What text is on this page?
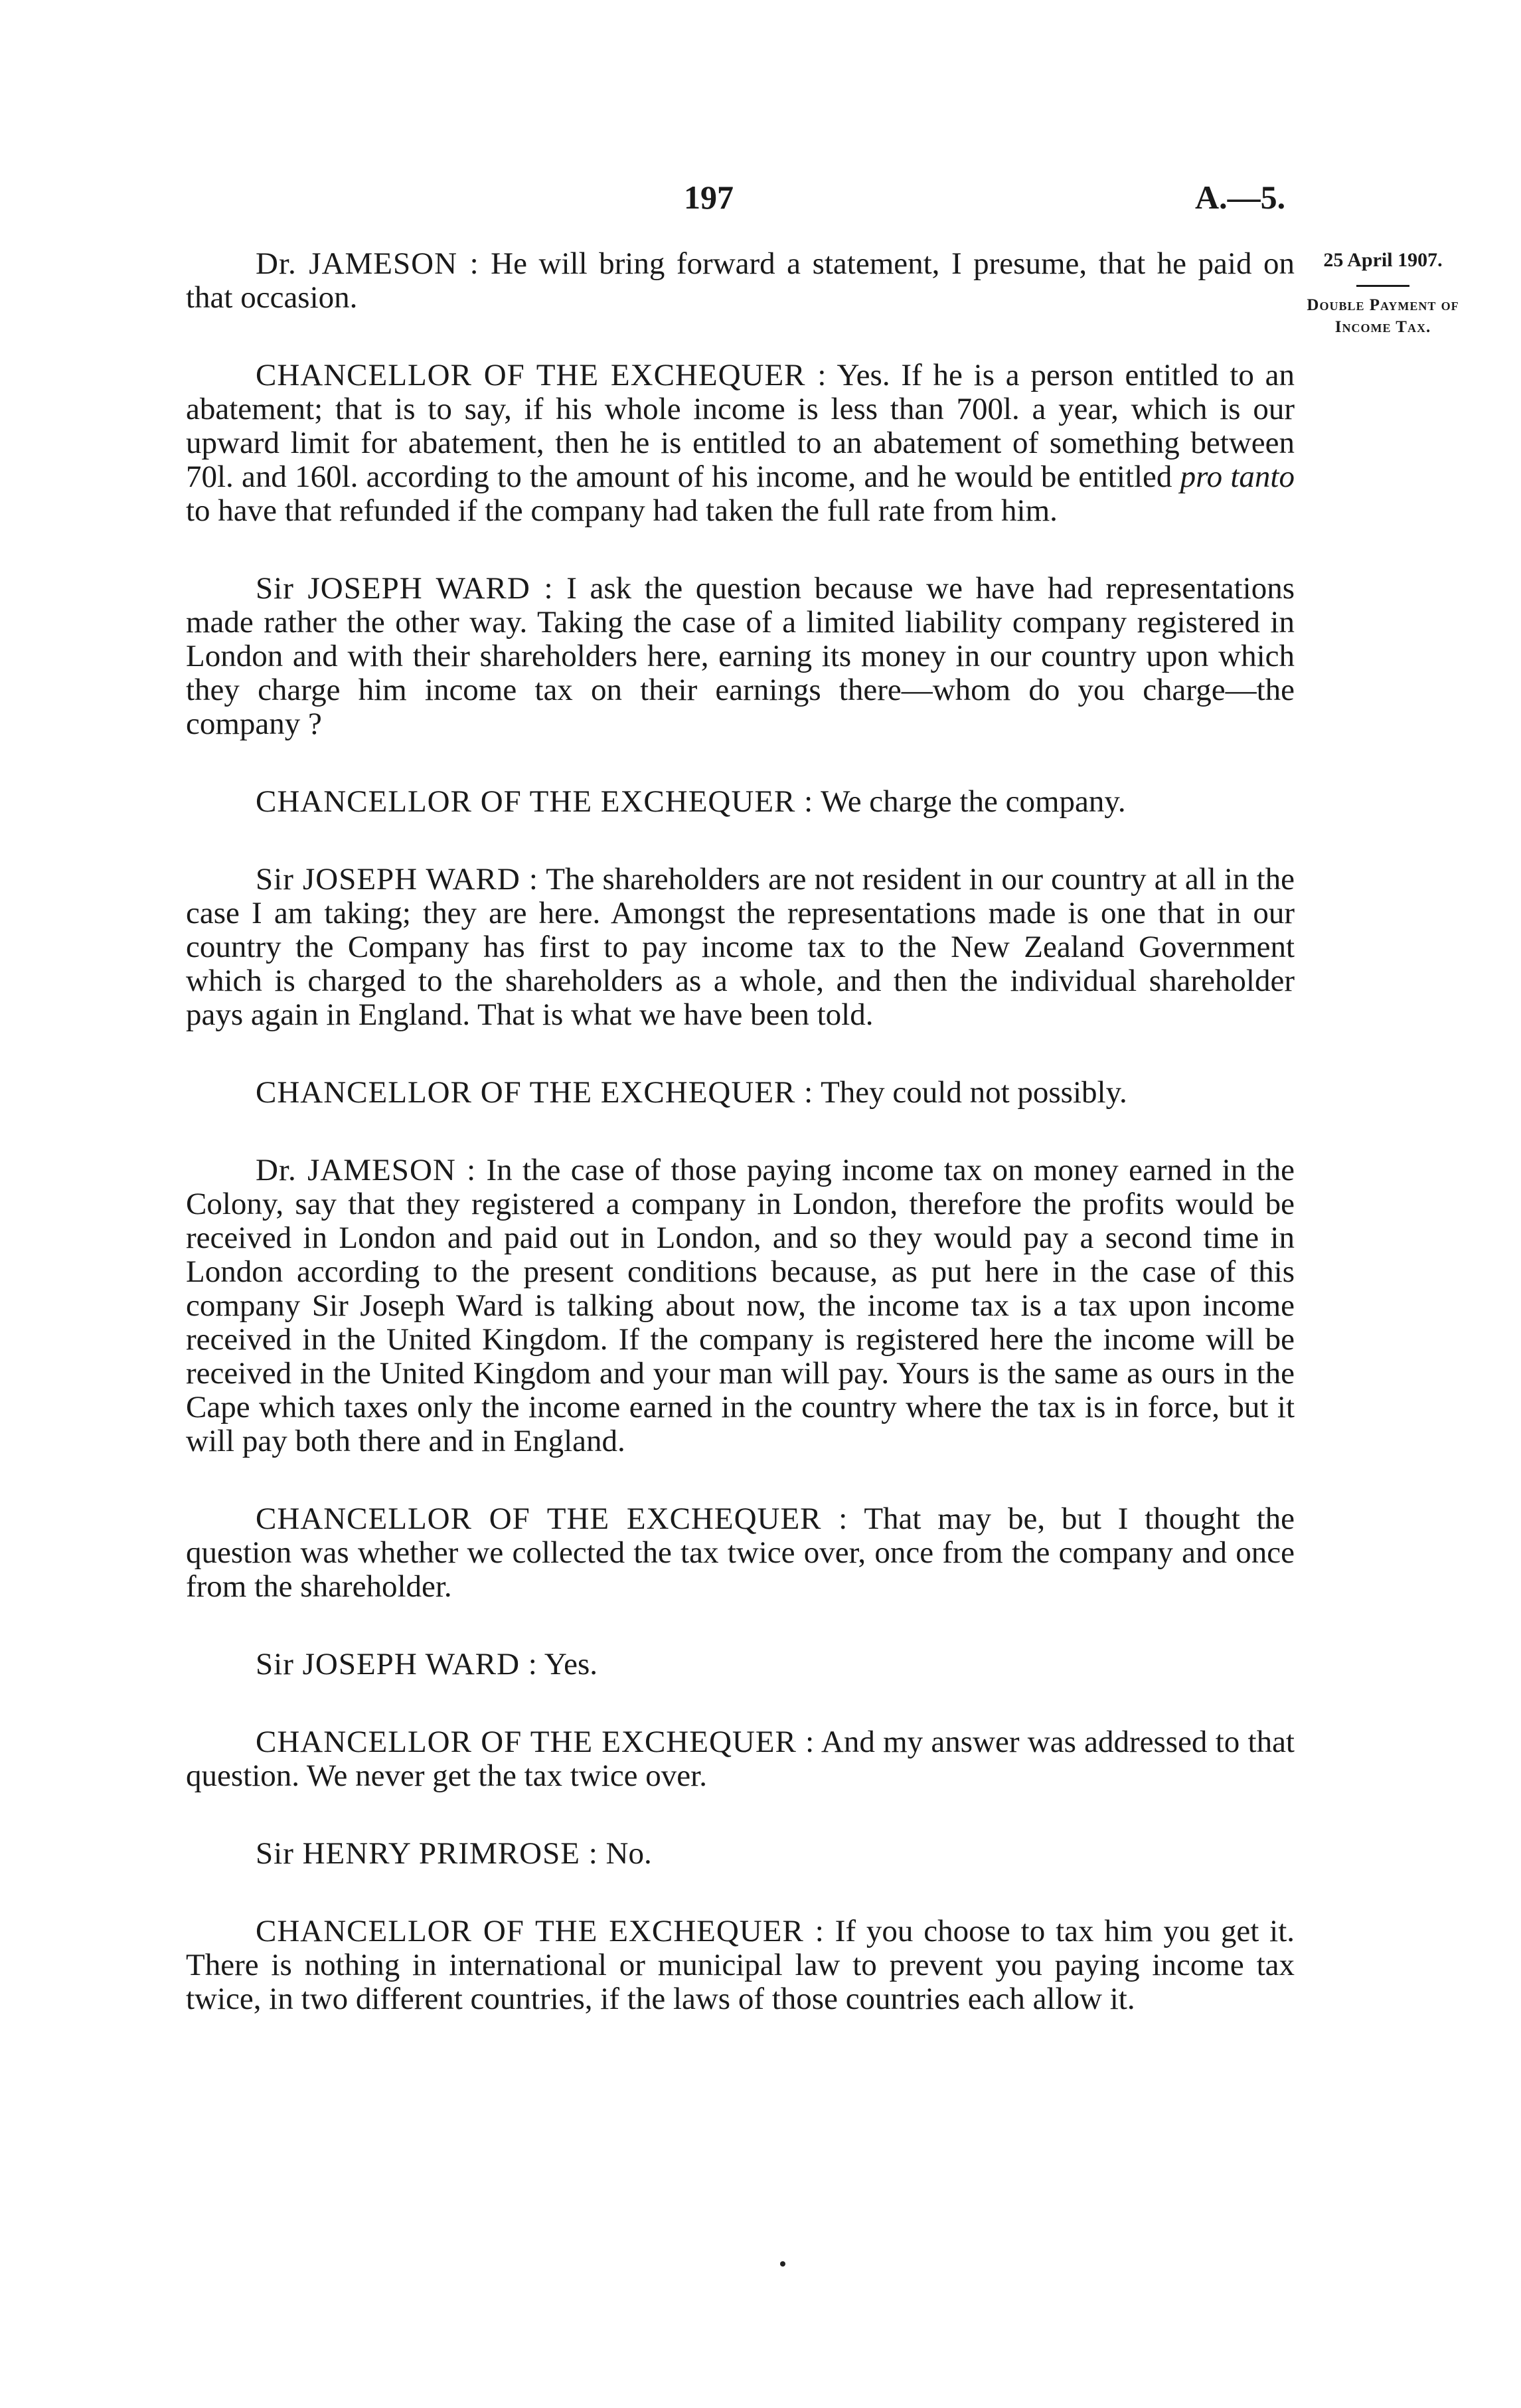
197	A.—5.
25 April 1907.
Double Payment of Income Tax.

Dr. JAMESON : He will bring forward a statement, I presume, that he paid on that occasion.

CHANCELLOR OF THE EXCHEQUER : Yes. If he is a person entitled to an abatement; that is to say, if his whole income is less than 700l. a year, which is our upward limit for abatement, then he is entitled to an abatement of something between 70l. and 160l. according to the amount of his income, and he would be entitled pro tanto to have that refunded if the company had taken the full rate from him.

Sir JOSEPH WARD : I ask the question because we have had representations made rather the other way. Taking the case of a limited liability company registered in London and with their shareholders here, earning its money in our country upon which they charge him income tax on their earnings there—whom do you charge—the company ?

CHANCELLOR OF THE EXCHEQUER : We charge the company.

Sir JOSEPH WARD : The shareholders are not resident in our country at all in the case I am taking; they are here. Amongst the representations made is one that in our country the Company has first to pay income tax to the New Zealand Government which is charged to the shareholders as a whole, and then the individual shareholder pays again in England. That is what we have been told.

CHANCELLOR OF THE EXCHEQUER : They could not possibly.

Dr. JAMESON : In the case of those paying income tax on money earned in the Colony, say that they registered a company in London, therefore the profits would be received in London and paid out in London, and so they would pay a second time in London according to the present conditions because, as put here in the case of this company Sir Joseph Ward is talking about now, the income tax is a tax upon income received in the United Kingdom. If the company is registered here the income will be received in the United Kingdom and your man will pay. Yours is the same as ours in the Cape which taxes only the income earned in the country where the tax is in force, but it will pay both there and in England.

CHANCELLOR OF THE EXCHEQUER : That may be, but I thought the question was whether we collected the tax twice over, once from the company and once from the shareholder.

Sir JOSEPH WARD : Yes.

CHANCELLOR OF THE EXCHEQUER : And my answer was addressed to that question. We never get the tax twice over.

Sir HENRY PRIMROSE : No.

CHANCELLOR OF THE EXCHEQUER : If you choose to tax him you get it. There is nothing in international or municipal law to prevent you paying income tax twice, in two different countries, if the laws of those countries each allow it.
